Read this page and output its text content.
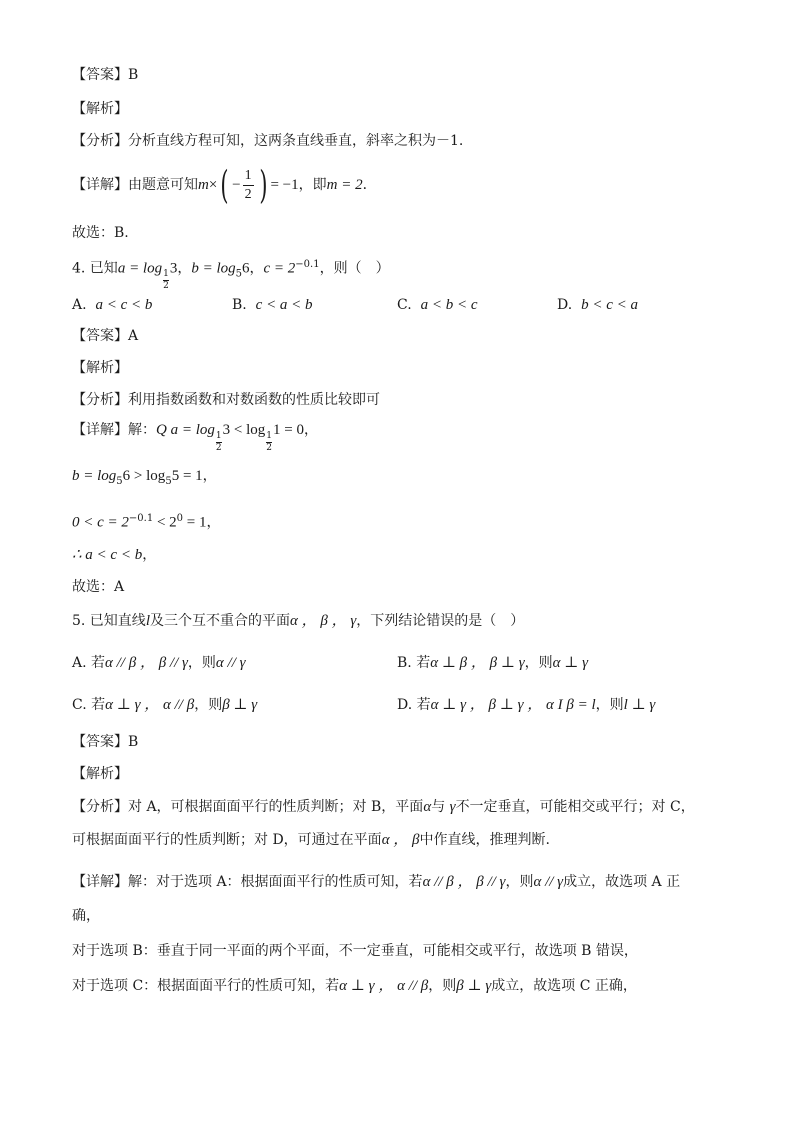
【答案】B
【解析】
【分析】分析直线方程可知，这两条直线垂直，斜率之积为－1.
【详解】由题意可知$m\times( - \frac{1}{2}$ ) = −1，即m = 2．
故选：B.
4. 已知a = log
$\frac{1}{2}$
3，$b = \log_56$，$c = 2^{-0.1}$，则（　）
A. a < c < b	B. c < a < b	C. a < b < c	D. b < c < a
【答案】A
【解析】
【分析】利用指数函数和对数函数的性质比较即可
【详解】解：Q a = log
$\frac{1}{2}$
3 < log
$\frac{1}{2}$
1 = 0，
$b = \log_56 > \log_55 = 1$，
$0 < c = 2^{-0.1} < 2^0 = 1$，
∴ a < c < b，
故选：A
5. 已知直线l及三个互不重合的平面α ， β ， γ，下列结论错误的是（　）
A. 若α // β ， β // γ，则α // γ	B. 若α ⊥ β ， β ⊥ γ，则α ⊥ γ
C. 若α ⊥ γ ， α // β，则β ⊥ γ	D. 若α ⊥ γ ， β ⊥ γ ， α I β = l，则l ⊥ γ
【答案】B
【解析】
【分析】对 A，可根据面面平行的性质判断；对 B，平面α与 γ不一定垂直，可能相交或平行；对 C，
可根据面面平行的性质判断；对 D，可通过在平面α ， β中作直线，推理判断.
【详解】解：对于选项 A：根据面面平行的性质可知，若α // β ， β // γ，则α // γ成立，故选项 A 正
确，
对于选项 B：垂直于同一平面的两个平面，不一定垂直，可能相交或平行，故选项 B 错误，
对于选项 C：根据面面平行的性质可知，若α ⊥ γ ， α // β，则β ⊥ γ成立，故选项 C 正确，
